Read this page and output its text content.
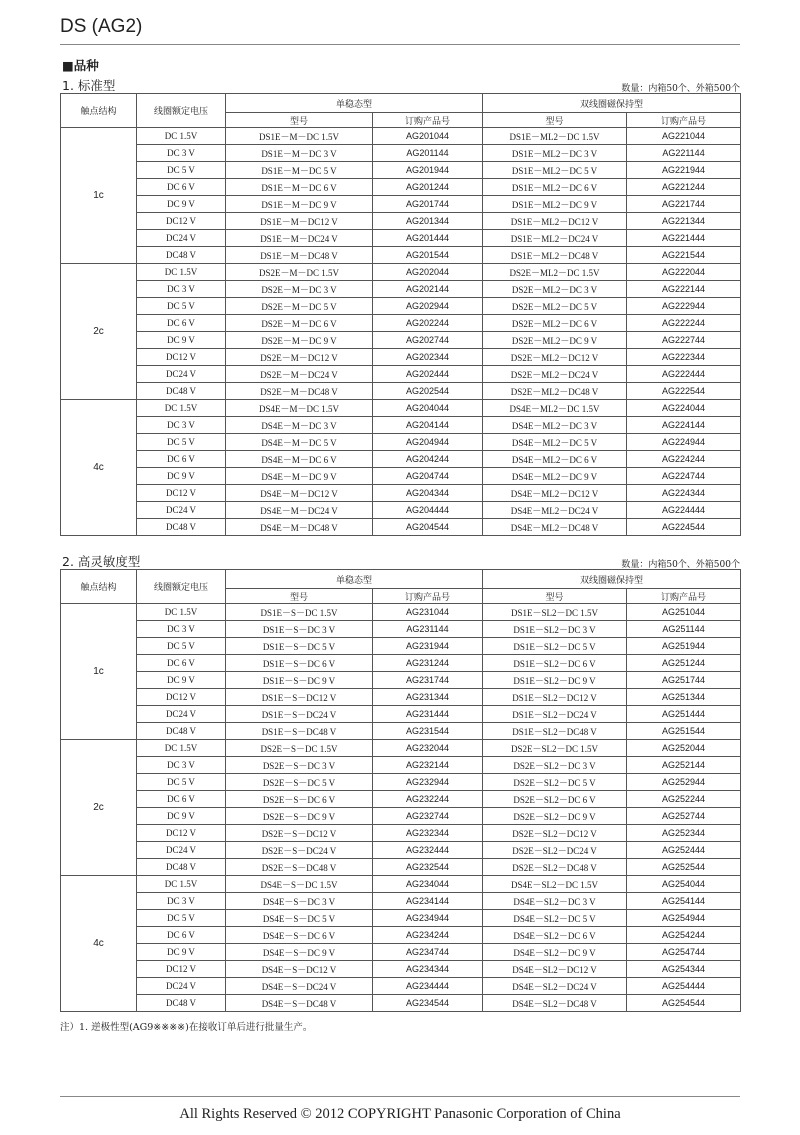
DS (AG2)
■品种
1. 标准型	数量：内箱50个、外箱500个
触点结构	线圈额定电压	单稳态型		双线圈磁保持型	
		型号	订购产品号	型号	订购产品号
1c	DC 1.5V	DS1E－M－DC 1.5V	AG201044	DS1E－ML2－DC 1.5V	AG221044
	DC 3 V	DS1E－M－DC 3 V	AG201144	DS1E－ML2－DC 3 V	AG221144
	DC 5 V	DS1E－M－DC 5 V	AG201944	DS1E－ML2－DC 5 V	AG221944
	DC 6 V	DS1E－M－DC 6 V	AG201244	DS1E－ML2－DC 6 V	AG221244
	DC 9 V	DS1E－M－DC 9 V	AG201744	DS1E－ML2－DC 9 V	AG221744
	DC12 V	DS1E－M－DC12 V	AG201344	DS1E－ML2－DC12 V	AG221344
	DC24 V	DS1E－M－DC24 V	AG201444	DS1E－ML2－DC24 V	AG221444
	DC48 V	DS1E－M－DC48 V	AG201544	DS1E－ML2－DC48 V	AG221544
2c	DC 1.5V	DS2E－M－DC 1.5V	AG202044	DS2E－ML2－DC 1.5V	AG222044
	DC 3 V	DS2E－M－DC 3 V	AG202144	DS2E－ML2－DC 3 V	AG222144
	DC 5 V	DS2E－M－DC 5 V	AG202944	DS2E－ML2－DC 5 V	AG222944
	DC 6 V	DS2E－M－DC 6 V	AG202244	DS2E－ML2－DC 6 V	AG222244
	DC 9 V	DS2E－M－DC 9 V	AG202744	DS2E－ML2－DC 9 V	AG222744
	DC12 V	DS2E－M－DC12 V	AG202344	DS2E－ML2－DC12 V	AG222344
	DC24 V	DS2E－M－DC24 V	AG202444	DS2E－ML2－DC24 V	AG222444
	DC48 V	DS2E－M－DC48 V	AG202544	DS2E－ML2－DC48 V	AG222544
4c	DC 1.5V	DS4E－M－DC 1.5V	AG204044	DS4E－ML2－DC 1.5V	AG224044
	DC 3 V	DS4E－M－DC 3 V	AG204144	DS4E－ML2－DC 3 V	AG224144
	DC 5 V	DS4E－M－DC 5 V	AG204944	DS4E－ML2－DC 5 V	AG224944
	DC 6 V	DS4E－M－DC 6 V	AG204244	DS4E－ML2－DC 6 V	AG224244
	DC 9 V	DS4E－M－DC 9 V	AG204744	DS4E－ML2－DC 9 V	AG224744
	DC12 V	DS4E－M－DC12 V	AG204344	DS4E－ML2－DC12 V	AG224344
	DC24 V	DS4E－M－DC24 V	AG204444	DS4E－ML2－DC24 V	AG224444
	DC48 V	DS4E－M－DC48 V	AG204544	DS4E－ML2－DC48 V	AG224544
2. 高灵敏度型	数量：内箱50个、外箱500个
触点结构	线圈额定电压	单稳态型		双线圈磁保持型	
		型号	订购产品号	型号	订购产品号
1c	DC 1.5V	DS1E－S－DC 1.5V	AG231044	DS1E－SL2－DC 1.5V	AG251044
	DC 3 V	DS1E－S－DC 3 V	AG231144	DS1E－SL2－DC 3 V	AG251144
	DC 5 V	DS1E－S－DC 5 V	AG231944	DS1E－SL2－DC 5 V	AG251944
	DC 6 V	DS1E－S－DC 6 V	AG231244	DS1E－SL2－DC 6 V	AG251244
	DC 9 V	DS1E－S－DC 9 V	AG231744	DS1E－SL2－DC 9 V	AG251744
	DC12 V	DS1E－S－DC12 V	AG231344	DS1E－SL2－DC12 V	AG251344
	DC24 V	DS1E－S－DC24 V	AG231444	DS1E－SL2－DC24 V	AG251444
	DC48 V	DS1E－S－DC48 V	AG231544	DS1E－SL2－DC48 V	AG251544
2c	DC 1.5V	DS2E－S－DC 1.5V	AG232044	DS2E－SL2－DC 1.5V	AG252044
	DC 3 V	DS2E－S－DC 3 V	AG232144	DS2E－SL2－DC 3 V	AG252144
	DC 5 V	DS2E－S－DC 5 V	AG232944	DS2E－SL2－DC 5 V	AG252944
	DC 6 V	DS2E－S－DC 6 V	AG232244	DS2E－SL2－DC 6 V	AG252244
	DC 9 V	DS2E－S－DC 9 V	AG232744	DS2E－SL2－DC 9 V	AG252744
	DC12 V	DS2E－S－DC12 V	AG232344	DS2E－SL2－DC12 V	AG252344
	DC24 V	DS2E－S－DC24 V	AG232444	DS2E－SL2－DC24 V	AG252444
	DC48 V	DS2E－S－DC48 V	AG232544	DS2E－SL2－DC48 V	AG252544
4c	DC 1.5V	DS4E－S－DC 1.5V	AG234044	DS4E－SL2－DC 1.5V	AG254044
	DC 3 V	DS4E－S－DC 3 V	AG234144	DS4E－SL2－DC 3 V	AG254144
	DC 5 V	DS4E－S－DC 5 V	AG234944	DS4E－SL2－DC 5 V	AG254944
	DC 6 V	DS4E－S－DC 6 V	AG234244	DS4E－SL2－DC 6 V	AG254244
	DC 9 V	DS4E－S－DC 9 V	AG234744	DS4E－SL2－DC 9 V	AG254744
	DC12 V	DS4E－S－DC12 V	AG234344	DS4E－SL2－DC12 V	AG254344
	DC24 V	DS4E－S－DC24 V	AG234444	DS4E－SL2－DC24 V	AG254444
	DC48 V	DS4E－S－DC48 V	AG234544	DS4E－SL2－DC48 V	AG254544
注）1. 逆极性型(AG9※※※※)在接收订单后进行批量生产。
All Rights Reserved © 2012 COPYRIGHT Panasonic Corporation of China
